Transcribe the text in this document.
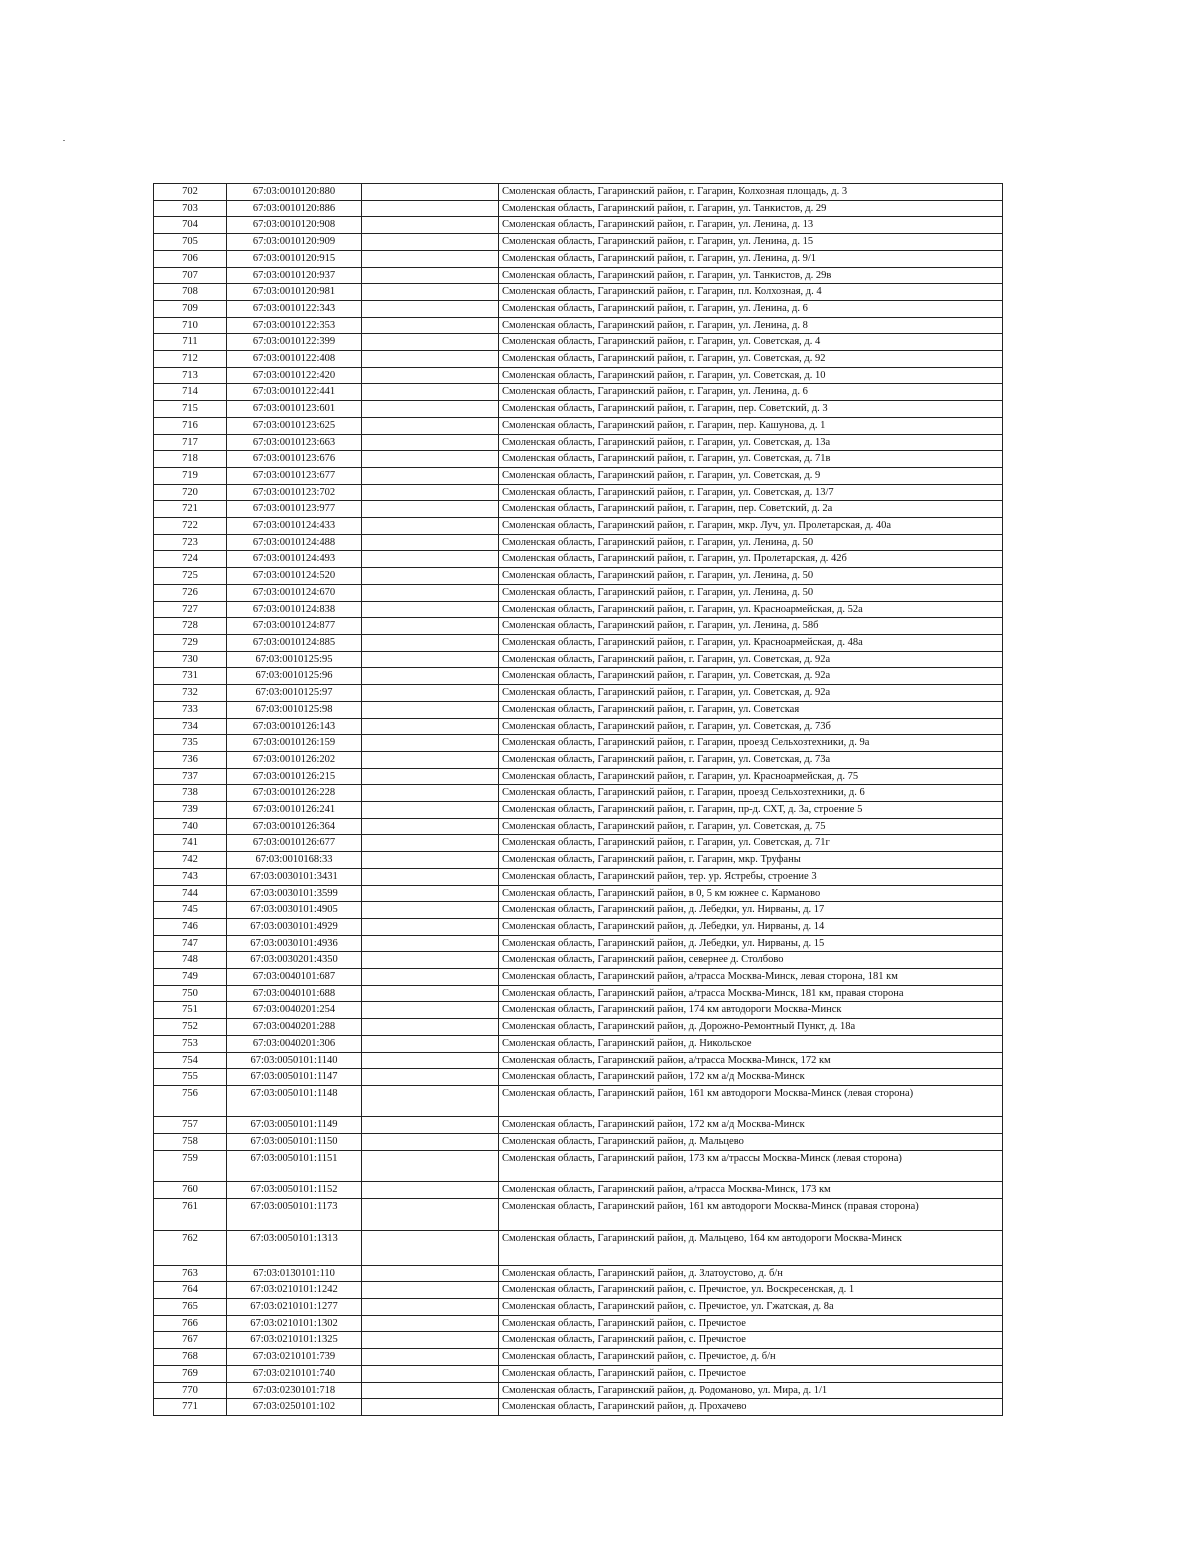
702	67:03:0010120:880		Смоленская область, Гагаринский район, г. Гагарин, Колхозная площадь, д. 3
703	67:03:0010120:886		Смоленская область, Гагаринский район, г. Гагарин, ул. Танкистов, д. 29
704	67:03:0010120:908		Смоленская область, Гагаринский район, г. Гагарин, ул. Ленина, д. 13
705	67:03:0010120:909		Смоленская область, Гагаринский район, г. Гагарин, ул. Ленина, д. 15
706	67:03:0010120:915		Смоленская область, Гагаринский район, г. Гагарин, ул. Ленина, д. 9/1
707	67:03:0010120:937		Смоленская область, Гагаринский район, г. Гагарин, ул. Танкистов, д. 29в
708	67:03:0010120:981		Смоленская область, Гагаринский район, г. Гагарин, пл. Колхозная, д. 4
709	67:03:0010122:343		Смоленская область, Гагаринский район, г. Гагарин, ул. Ленина, д. 6
710	67:03:0010122:353		Смоленская область, Гагаринский район, г. Гагарин, ул. Ленина, д. 8
711	67:03:0010122:399		Смоленская область, Гагаринский район, г. Гагарин, ул. Советская, д. 4
712	67:03:0010122:408		Смоленская область, Гагаринский район, г. Гагарин, ул. Советская, д. 92
713	67:03:0010122:420		Смоленская область, Гагаринский район, г. Гагарин, ул. Советская, д. 10
714	67:03:0010122:441		Смоленская область, Гагаринский район, г. Гагарин, ул. Ленина, д. 6
715	67:03:0010123:601		Смоленская область, Гагаринский район, г. Гагарин, пер. Советский, д. 3
716	67:03:0010123:625		Смоленская область, Гагаринский район, г. Гагарин, пер. Кашунова, д. 1
717	67:03:0010123:663		Смоленская область, Гагаринский район, г. Гагарин, ул. Советская, д. 13а
718	67:03:0010123:676		Смоленская область, Гагаринский район, г. Гагарин, ул. Советская, д. 71в
719	67:03:0010123:677		Смоленская область, Гагаринский район, г. Гагарин, ул. Советская, д. 9
720	67:03:0010123:702		Смоленская область, Гагаринский район, г. Гагарин, ул. Советская, д. 13/7
721	67:03:0010123:977		Смоленская область, Гагаринский район, г. Гагарин, пер. Советский, д. 2а
722	67:03:0010124:433		Смоленская область, Гагаринский район, г. Гагарин, мкр. Луч, ул. Пролетарская, д. 40а
723	67:03:0010124:488		Смоленская область, Гагаринский район, г. Гагарин, ул. Ленина, д. 50
724	67:03:0010124:493		Смоленская область, Гагаринский район, г. Гагарин, ул. Пролетарская, д. 42б
725	67:03:0010124:520		Смоленская область, Гагаринский район, г. Гагарин, ул. Ленина, д. 50
726	67:03:0010124:670		Смоленская область, Гагаринский район, г. Гагарин, ул. Ленина, д. 50
727	67:03:0010124:838		Смоленская область, Гагаринский район, г. Гагарин, ул. Красноармейская, д. 52а
728	67:03:0010124:877		Смоленская область, Гагаринский район, г. Гагарин, ул. Ленина, д. 58б
729	67:03:0010124:885		Смоленская область, Гагаринский район, г. Гагарин, ул. Красноармейская, д. 48а
730	67:03:0010125:95		Смоленская область, Гагаринский район, г. Гагарин, ул. Советская, д. 92а
731	67:03:0010125:96		Смоленская область, Гагаринский район, г. Гагарин, ул. Советская, д. 92а
732	67:03:0010125:97		Смоленская область, Гагаринский район, г. Гагарин, ул. Советская, д. 92а
733	67:03:0010125:98		Смоленская область, Гагаринский район, г. Гагарин, ул. Советская
734	67:03:0010126:143		Смоленская область, Гагаринский район, г. Гагарин, ул. Советская, д. 73б
735	67:03:0010126:159		Смоленская область, Гагаринский район, г. Гагарин, проезд Сельхозтехники, д. 9а
736	67:03:0010126:202		Смоленская область, Гагаринский район, г. Гагарин, ул. Советская, д. 73а
737	67:03:0010126:215		Смоленская область, Гагаринский район, г. Гагарин, ул. Красноармейская, д. 75
738	67:03:0010126:228		Смоленская область, Гагаринский район, г. Гагарин, проезд Сельхозтехники, д. 6
739	67:03:0010126:241		Смоленская область, Гагаринский район, г. Гагарин, пр-д. СХТ, д. 3а, строение 5
740	67:03:0010126:364		Смоленская область, Гагаринский район, г. Гагарин, ул. Советская, д. 75
741	67:03:0010126:677		Смоленская область, Гагаринский район, г. Гагарин, ул. Советская, д. 71г
742	67:03:0010168:33		Смоленская область, Гагаринский район, г. Гагарин, мкр. Труфаны
743	67:03:0030101:3431		Смоленская область, Гагаринский район, тер. ур. Ястребы, строение 3
744	67:03:0030101:3599		Смоленская область, Гагаринский район, в 0, 5 км южнее с. Карманово
745	67:03:0030101:4905		Смоленская область, Гагаринский район, д. Лебедки, ул. Нирваны, д. 17
746	67:03:0030101:4929		Смоленская область, Гагаринский район, д. Лебедки, ул. Нирваны, д. 14
747	67:03:0030101:4936		Смоленская область, Гагаринский район, д. Лебедки, ул. Нирваны, д. 15
748	67:03:0030201:4350		Смоленская область, Гагаринский район, севернее д. Столбово
749	67:03:0040101:687		Смоленская область, Гагаринский район, а/трасса Москва-Минск, левая сторона, 181 км
750	67:03:0040101:688		Смоленская область, Гагаринский район, а/трасса Москва-Минск, 181 км, правая сторона
751	67:03:0040201:254		Смоленская область, Гагаринский район, 174 км автодороги Москва-Минск
752	67:03:0040201:288		Смоленская область, Гагаринский район, д. Дорожно-Ремонтный Пункт, д. 18а
753	67:03:0040201:306		Смоленская область, Гагаринский район, д. Никольское
754	67:03:0050101:1140		Смоленская область, Гагаринский район, а/трасса Москва-Минск, 172 км
755	67:03:0050101:1147		Смоленская область, Гагаринский район, 172 км а/д Москва-Минск
756	67:03:0050101:1148		Смоленская область, Гагаринский район, 161 км автодороги Москва-Минск (левая сторона)
757	67:03:0050101:1149		Смоленская область, Гагаринский район, 172 км а/д Москва-Минск
758	67:03:0050101:1150		Смоленская область, Гагаринский район, д. Мальцево
759	67:03:0050101:1151		Смоленская область, Гагаринский район, 173 км а/трассы Москва-Минск (левая сторона)
760	67:03:0050101:1152		Смоленская область, Гагаринский район, а/трасса Москва-Минск, 173 км
761	67:03:0050101:1173		Смоленская область, Гагаринский район, 161 км автодороги Москва-Минск (правая сторона)
762	67:03:0050101:1313		Смоленская область, Гагаринский район, д. Мальцево, 164 км автодороги Москва-Минск
763	67:03:0130101:110		Смоленская область, Гагаринский район, д. Златоустово, д. б/н
764	67:03:0210101:1242		Смоленская область, Гагаринский район, с. Пречистое, ул. Воскресенская, д. 1
765	67:03:0210101:1277		Смоленская область, Гагаринский район, с. Пречистое, ул. Гжатская, д. 8а
766	67:03:0210101:1302		Смоленская область, Гагаринский район, с. Пречистое
767	67:03:0210101:1325		Смоленская область, Гагаринский район, с. Пречистое
768	67:03:0210101:739		Смоленская область, Гагаринский район, с. Пречистое, д. б/н
769	67:03:0210101:740		Смоленская область, Гагаринский район, с. Пречистое
770	67:03:0230101:718		Смоленская область, Гагаринский район, д. Родоманово, ул. Мира, д. 1/1
771	67:03:0250101:102		Смоленская область, Гагаринский район, д. Прохачево
